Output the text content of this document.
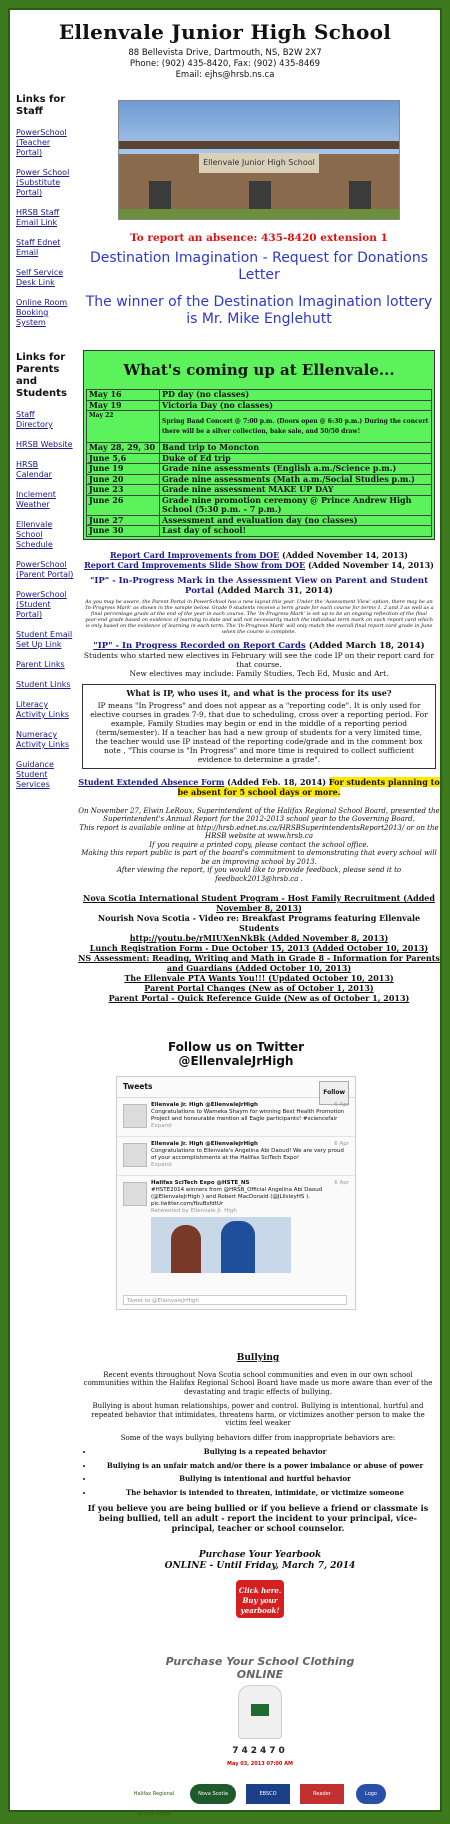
Ellenvale Junior High School
88 Bellevista Drive, Dartmouth, NS, B2W 2X7
Phone: (902) 435-8420, Fax: (902) 435-8469
Email: ejhs@hrsb.ns.ca
Links for Staff
PowerSchool (Teacher Portal)
Power School (Substitute Portal)
HRSB Staff Email Link
Staff Ednet Email
Self Service Desk Link
Online Room Booking System
Links for Parents and Students
Staff Directory
HRSB Website
HRSB Calendar
Inclement Weather
Ellenvale School Schedule
PowerSchool (Parent Portal)
PowerSchool (Student Portal)
Student Email Set Up Link
Parent Links
Student Links
Literacy Activity Links
Numeracy Activity Links
Guidance Student Services
Ellenvale Junior High School
To report an absence: 435-8420 extension 1
Destination Imagination - Request for Donations Letter
The winner of the Destination Imagination lottery is Mr. Mike Englehutt
What's coming up at Ellenvale...
May 16	PD day (no classes)
May 19	Victoria Day (no classes)
May 22	Spring Band Concert @ 7:00 p.m. (Doors open @ 6:30 p.m.) During the concert there will be a silver collection, bake sale, and 50/50 draw!
May 28, 29, 30	Band trip to Moncton
June 5,6	Duke of Ed trip
June 19	Grade nine assessments (English a.m./Science p.m.)
June 20	Grade nine assessments (Math a.m./Social Studies p.m.)
June 23	Grade nine assessment MAKE UP DAY
June 26	Grade nine promotion ceremony @ Prince Andrew High School (5:30 p.m. - 7 p.m.)
June 27	Assessment and evaluation day (no classes)
June 30	Last day of school!
Report Card Improvements from DOE (Added November 14, 2013)
Report Card Improvements Slide Show from DOE (Added November 14, 2013)
"IP" - In-Progress Mark in the Assessment View on Parent and Student Portal (Added March 31, 2014)
As you may be aware, the Parent Portal in PowerSchool has a new layout this year. Under the 'Assessment View' option, there may be an 'In-Progress Mark' as shown in the sample below. Grade 9 students receive a term grade for each course for terms 1, 2 and 3 as well as a final percentage grade at the end of the year in each course. The 'In-Progress Mark' is set up to be an ongoing reflection of the final year-end grade based on evidence of learning to date and will not necessarily match the individual term mark on each report card which is only based on the evidence of learning in each term. The 'In-Progress Mark' will only match the overall final report card grade in June when the course is complete.
"IP" - In Progress Recorded on Report Cards (Added March 18, 2014)
Students who started new electives in February will see the code IP on their report card for that course.
New electives may include: Family Studies, Tech Ed, Music and Art.
What is IP, who uses it, and what is the process for its use?
IP means "In Progress" and does not appear as a "reporting code". It is only used for elective courses in grades 7-9, that due to scheduling, cross over a reporting period. For example, Family Studies may begin or end in the middle of a reporting period (term/semester). If a teacher has had a new group of students for a very limited time, the teacher would use IP instead of the reporting code/grade and in the comment box note , "This course is "In Progress" and more time is required to collect sufficient evidence to determine a grade".
Student Extended Absence Form (Added Feb. 18, 2014) For students planning to be absent for 5 school days or more.
On November 27, Elwin LeRoux, Superintendent of the Halifax Regional School Board, presented the Superintendent's Annual Report for the 2012-2013 school year to the Governing Board.
This report is available online at http://hrsb.ednet.ns.ca/HRSBSuperintendentsReport2013/ or on the HRSB website at www.hrsb.ca
If you require a printed copy, please contact the school office.
Making this report public is part of the board's commitment to demonstrating that every school will be an improving school by 2013.
After viewing the report, if you would like to provide feedback, please send it to feedback2013@hrsb.ca .
Nova Scotia International Student Program - Host Family Recruitment (Added November 8, 2013)
Nourish Nova Scotia - Video re: Breakfast Programs featuring Ellenvale Students
http://youtu.be/rMIUXenNkBk (Added November 8, 2013)
Lunch Registration Form - Due October 15, 2013 (Added October 10, 2013)
NS Assessment: Reading, Writing and Math in Grade 8 - Information for Parents and Guardians (Added October 10, 2013)
The Ellenvale PTA Wants You!!! (Updated October 10, 2013)
Parent Portal Changes (New as of October 1, 2013)
Parent Portal - Quick Reference Guide (New as of October 1, 2013)
Follow us on Twitter @EllenvaleJrHigh
Tweets
Follow
Ellenvale Jr. High @EllenvaleJrHigh	6 Apr
Congratulations to Wameka Shaym for winning Best Health Promotion Project and honourable mention all Eagle participants! #sciencefair
Expand
Ellenvale Jr. High @EllenvaleJrHigh	6 Apr
Congratulations to Ellenvale's Angelina Abi Daoud! We are very proud of your accomplishments at the Halifax SciTech Expo!
Expand
Halifax SciTech Expo @HSTE_NS	6 Apr
#HSTE2014 winners from @HRSB_Official Angelina Abi Daoud (@EllenvaleJrHigh ) and Robert MacDonald (@JLIlsleyHS ). pic.twitter.com/fbuBsfdtUr
Retweeted by Ellenvale Jr. High
Tweet to @EllenvaleJrHigh
Bullying

Recent events throughout Nova Scotia school communities and even in our own school communities within the Halifax Regional School Board have made us more aware than ever of the devastating and tragic effects of bullying.

Bullying is about human relationships, power and control. Bullying is intentional, hurtful and repeated behavior that intimidates, threatens harm, or victimizes another person to make the victim feel weaker

Some of the ways bullying behaviors differ from inappropriate behaviors are:

• Bullying is a repeated behavior
• Bullying is an unfair match and/or there is a power imbalance or abuse of power
• Bullying is intentional and hurtful behavior
• The behavior is intended to threaten, intimidate, or victimize someone
If you believe you are being bullied or if you believe a friend or classmate is being bullied, tell an adult - report the incident to your principal, vice-principal, teacher or school counselor.
Purchase Your Yearbook
ONLINE - Until Friday, March 7, 2014
Click here. Buy your yearbook!
Purchase Your School Clothing
ONLINE
742470
May 03, 2013 07:00 AM
Halifax Regional School Board
Nova Scotia	EBSCO	Reader	Logo
